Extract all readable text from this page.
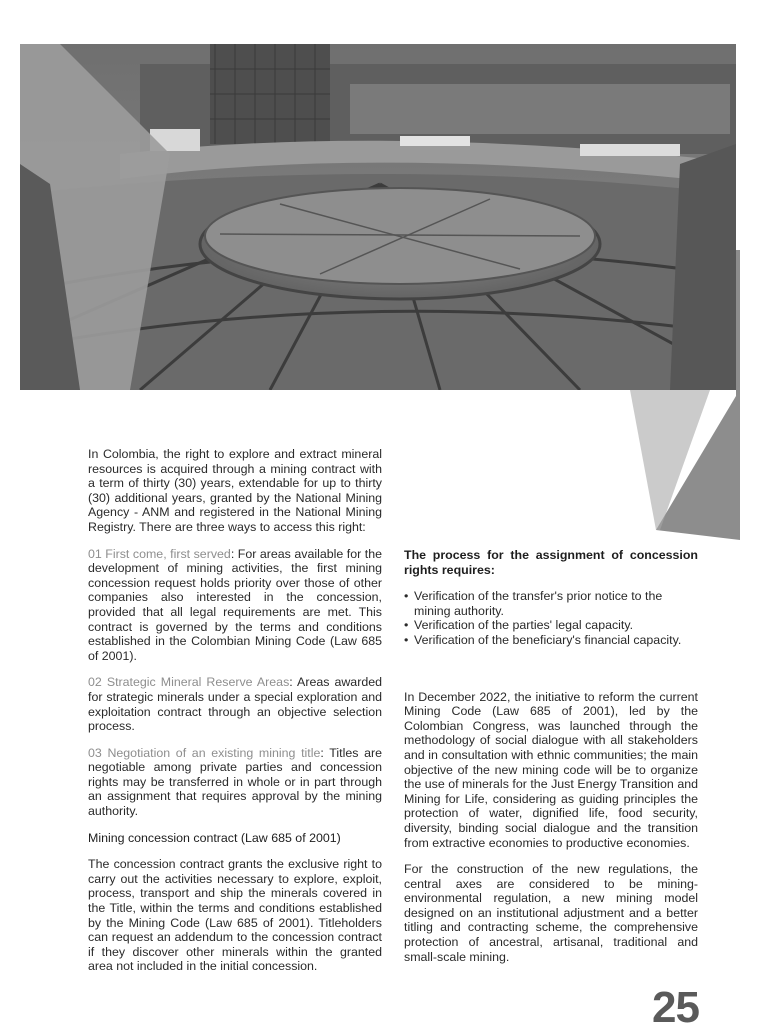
In Colombia, the right to explore and extract mineral resources is acquired through a mining contract with a term of thirty (30) years, extendable for up to thirty (30) additional years, granted by the National Mining Agency - ANM and registered in the National Mining Registry. There are three ways to access this right:

01 First come, first served: For areas available for the development of mining activities, the first mining concession request holds priority over those of other companies also interested in the concession, provided that all legal requirements are met. This contract is governed by the terms and conditions established in the Colombian Mining Code (Law 685 of 2001).

02 Strategic Mineral Reserve Areas: Areas awarded for strategic minerals under a special exploration and exploitation contract through an objective selection process.

03 Negotiation of an existing mining title: Titles are negotiable among private parties and concession rights may be transferred in whole or in part through an assignment that requires approval by the mining authority.

Mining concession contract (Law 685 of 2001)

The concession contract grants the exclusive right to carry out the activities necessary to explore, exploit, process, transport and ship the minerals covered in the Title, within the terms and conditions established by the Mining Code (Law 685 of 2001). Titleholders can request an addendum to the concession contract if they discover other minerals within the granted area not included in the initial concession.

The process for the assignment of concession rights requires:

• Verification of the transfer's prior notice to the mining authority.
• Verification of the parties' legal capacity.
• Verification of the beneficiary's financial capacity.

In December 2022, the initiative to reform the current Mining Code (Law 685 of 2001), led by the Colombian Congress, was launched through the methodology of social dialogue with all stakeholders and in consultation with ethnic communities; the main objective of the new mining code will be to organize the use of minerals for the Just Energy Transition and Mining for Life, considering as guiding principles the protection of water, dignified life, food security, diversity, binding social dialogue and the transition from extractive economies to productive economies.

For the construction of the new regulations, the central axes are considered to be mining-environmental regulation, a new mining model designed on an institutional adjustment and a better titling and contracting scheme, the comprehensive protection of ancestral, artisanal, traditional and small-scale mining.

25
